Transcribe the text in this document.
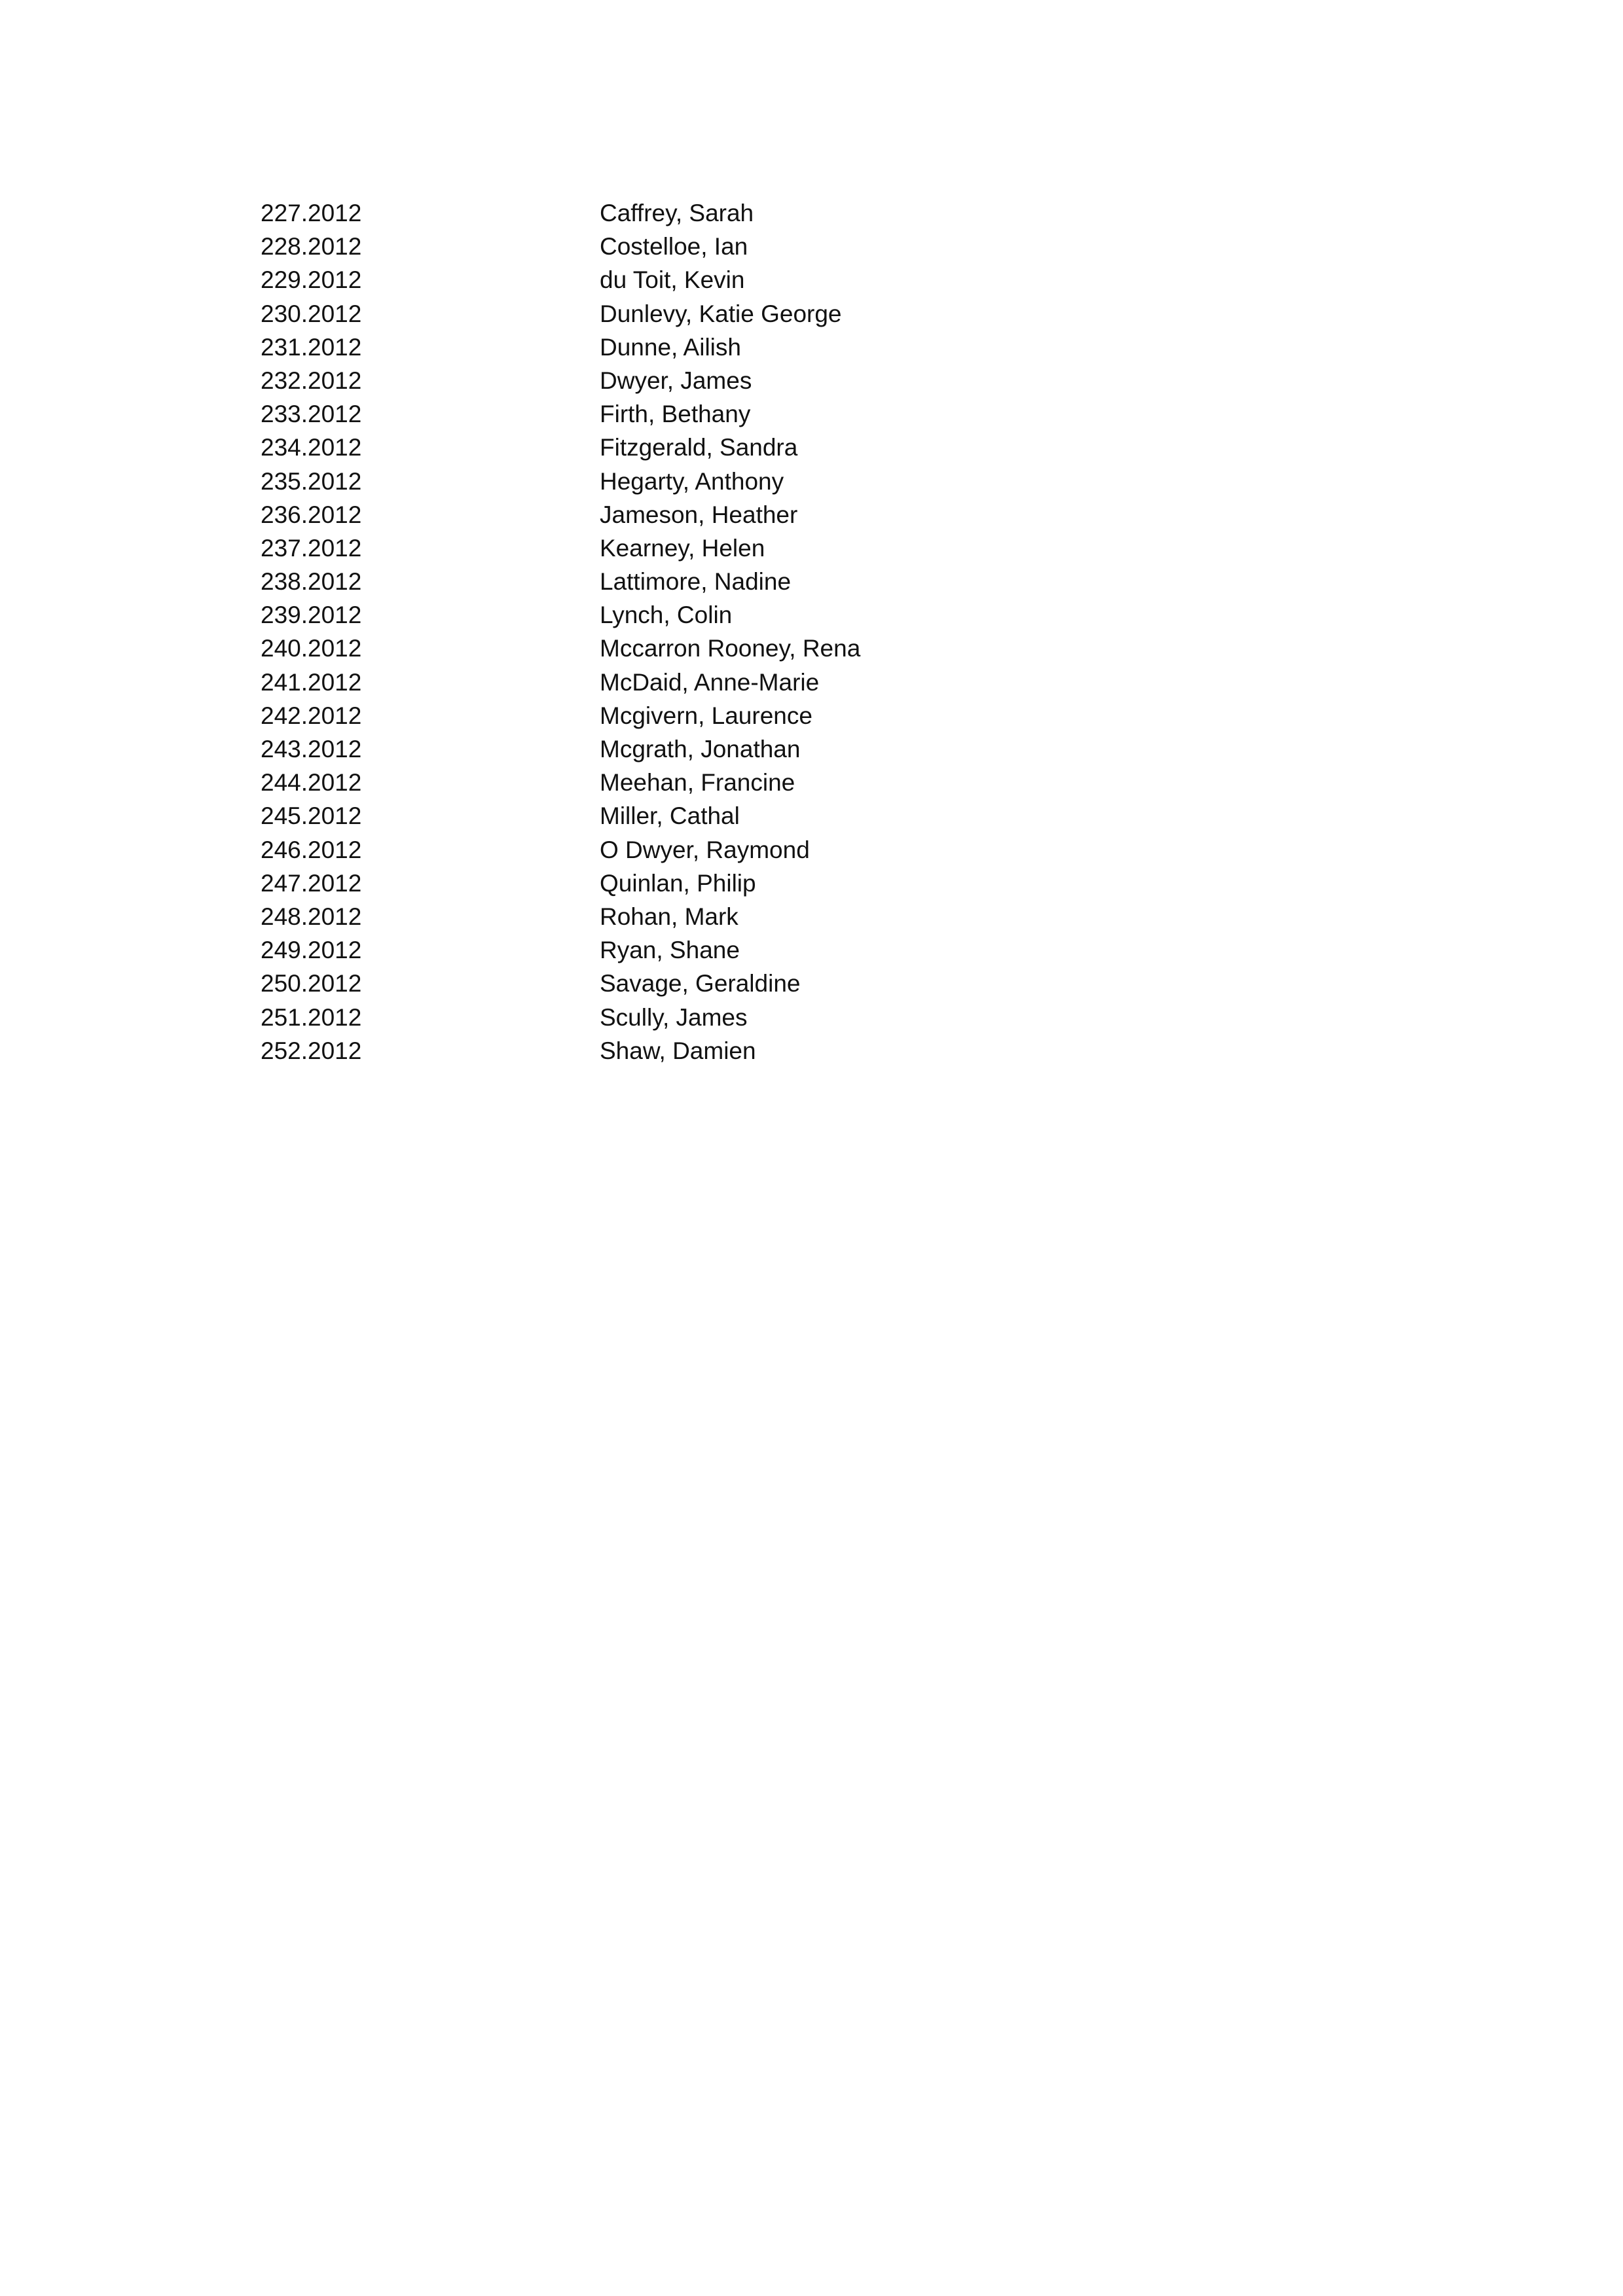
227.2012	Caffrey, Sarah
228.2012	Costelloe, Ian
229.2012	du Toit, Kevin
230.2012	Dunlevy, Katie George
231.2012	Dunne, Ailish
232.2012	Dwyer, James
233.2012	Firth, Bethany
234.2012	Fitzgerald, Sandra
235.2012	Hegarty, Anthony
236.2012	Jameson, Heather
237.2012	Kearney, Helen
238.2012	Lattimore, Nadine
239.2012	Lynch, Colin
240.2012	Mccarron Rooney, Rena
241.2012	McDaid, Anne-Marie
242.2012	Mcgivern, Laurence
243.2012	Mcgrath, Jonathan
244.2012	Meehan, Francine
245.2012	Miller, Cathal
246.2012	O Dwyer, Raymond
247.2012	Quinlan, Philip
248.2012	Rohan, Mark
249.2012	Ryan, Shane
250.2012	Savage, Geraldine
251.2012	Scully, James
252.2012	Shaw, Damien
